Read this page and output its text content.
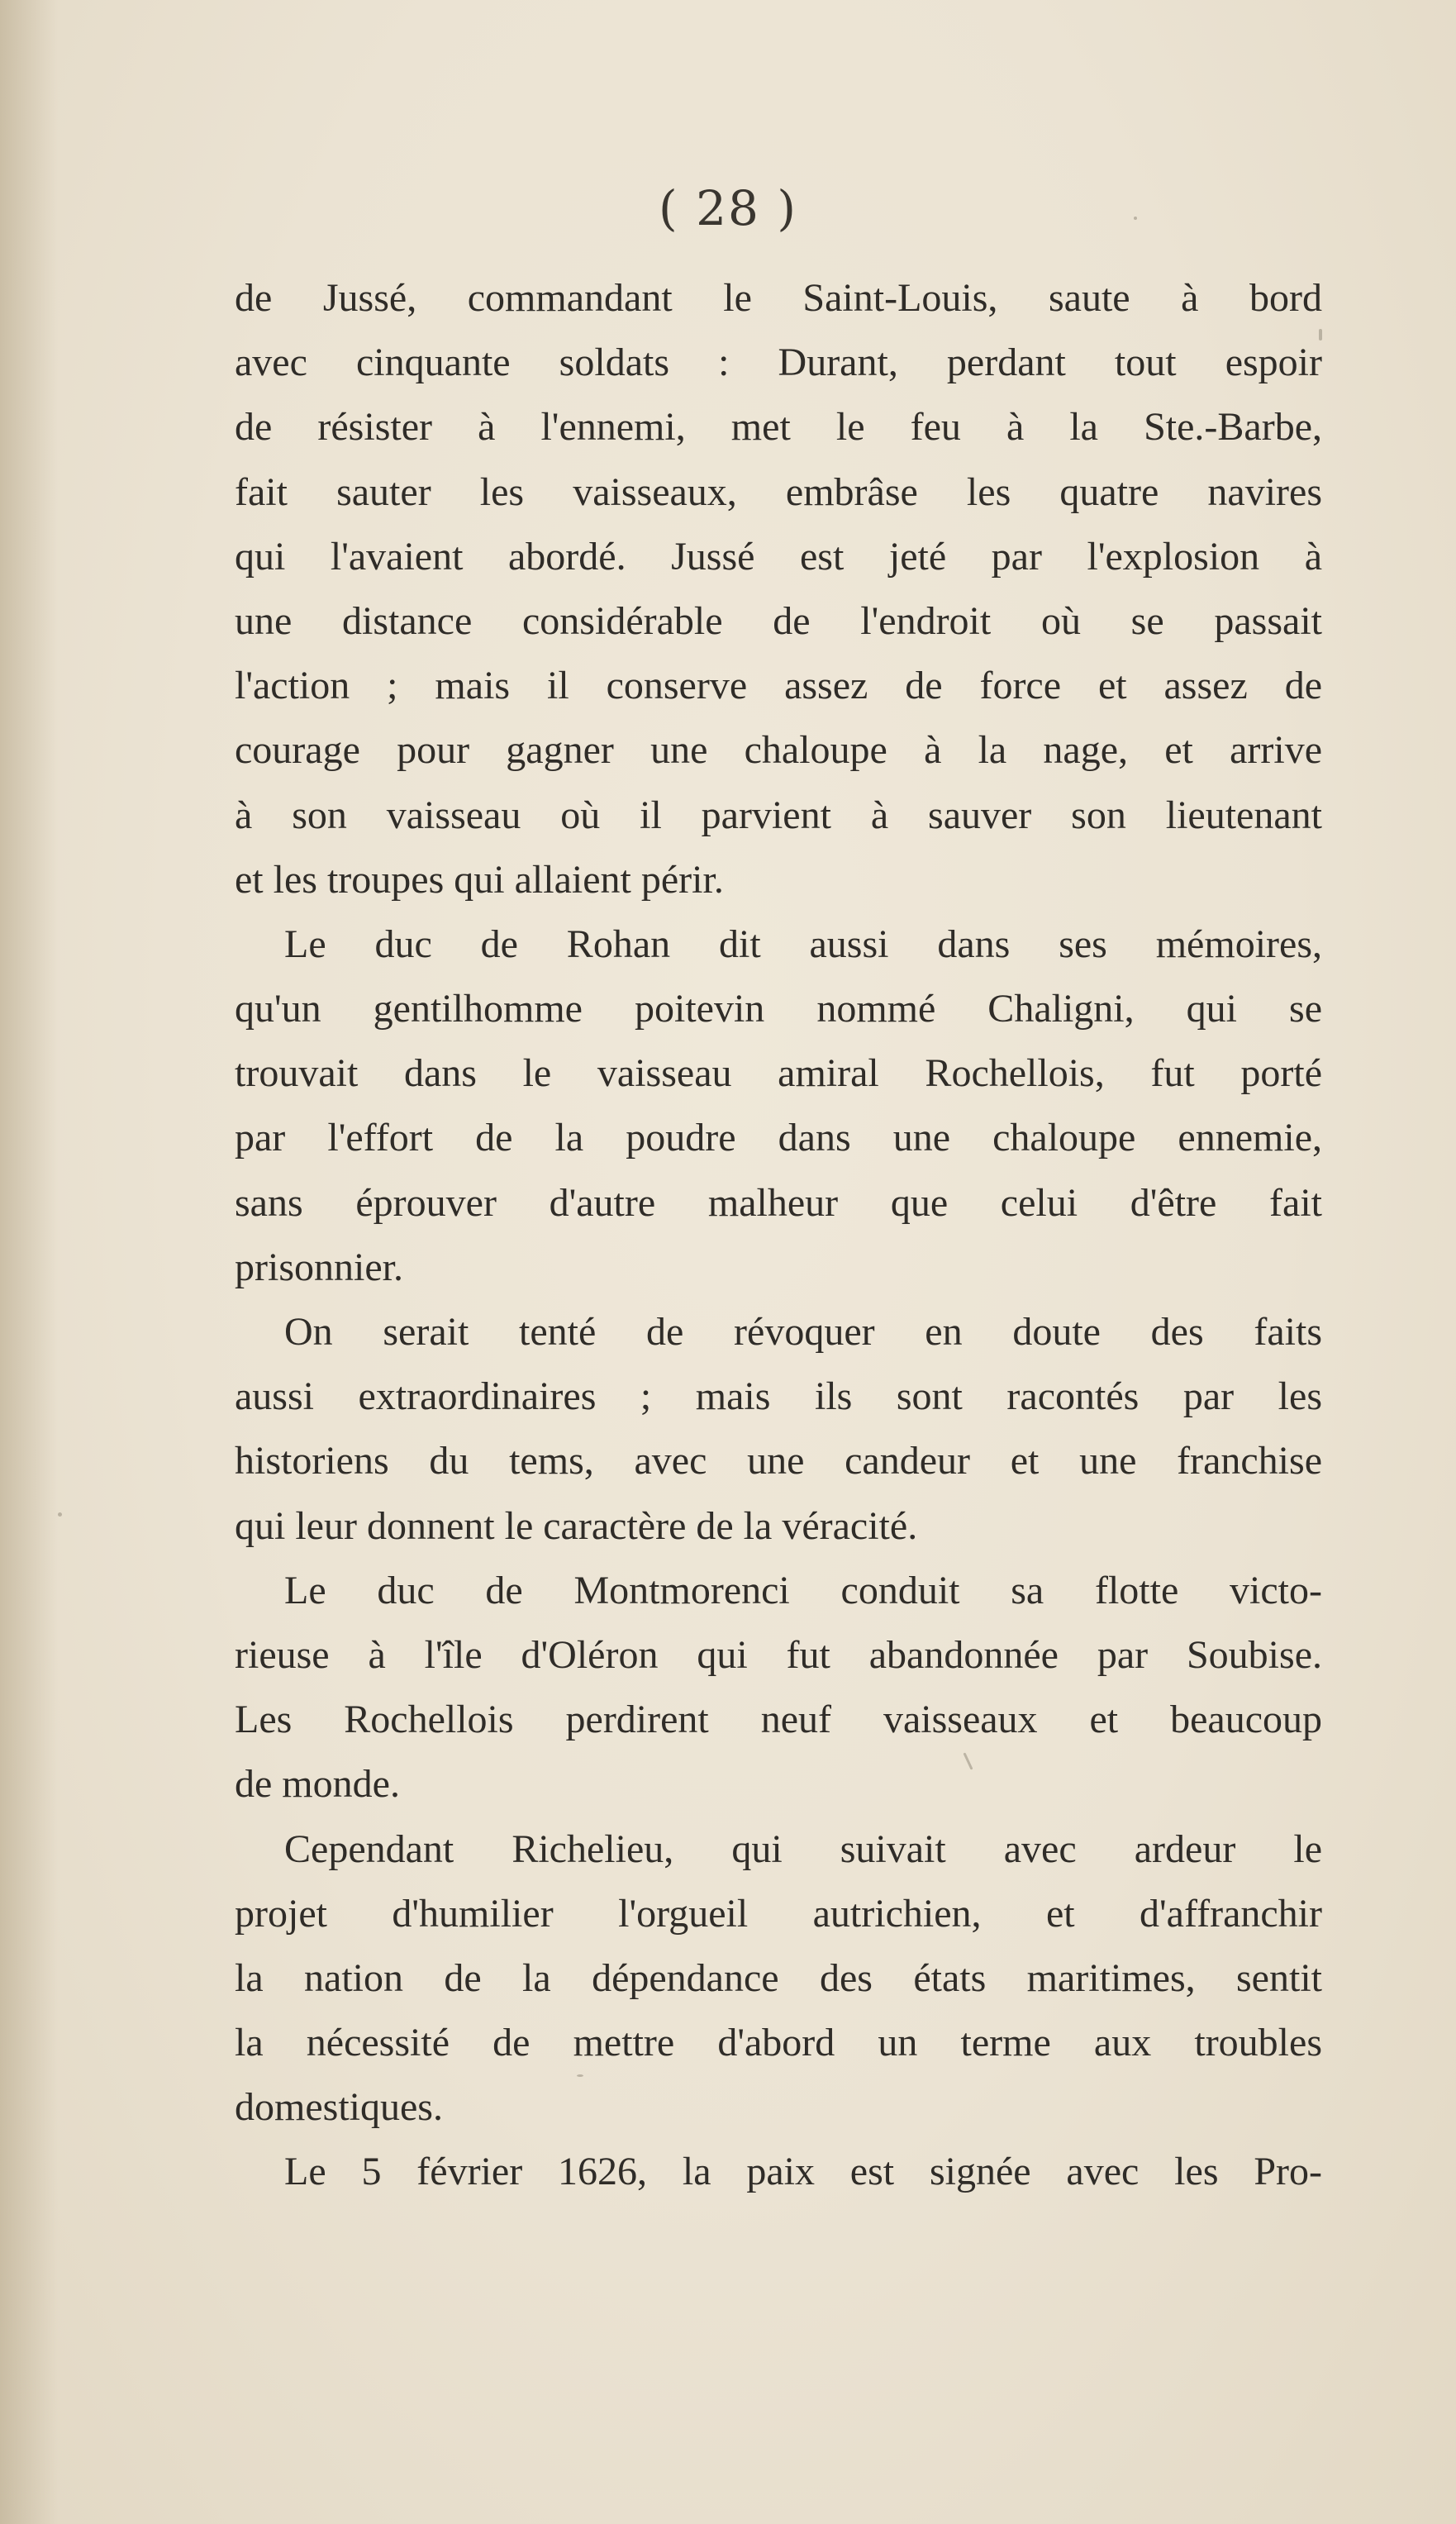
( 28 )
de Jussé, commandant le Saint-Louis, saute à bord
avec cinquante soldats : Durant, perdant tout espoir
de résister à l'ennemi, met le feu à la Ste.-Barbe,
fait sauter les vaisseaux, embrâse les quatre navires
qui l'avaient abordé. Jussé est jeté par l'explosion à
une distance considérable de l'endroit où se passait
l'action ; mais il conserve assez de force et assez de
courage pour gagner une chaloupe à la nage, et arrive
à son vaisseau où il parvient à sauver son lieutenant
et les troupes qui allaient périr.
Le duc de Rohan dit aussi dans ses mémoires,
qu'un gentilhomme poitevin nommé Chaligni, qui se
trouvait dans le vaisseau amiral Rochellois, fut porté
par l'effort de la poudre dans une chaloupe ennemie,
sans éprouver d'autre malheur que celui d'être fait
prisonnier.
On serait tenté de révoquer en doute des faits
aussi extraordinaires ; mais ils sont racontés par les
historiens du tems, avec une candeur et une franchise
qui leur donnent le caractère de la véracité.
Le duc de Montmorenci conduit sa flotte victo-
rieuse à l'île d'Oléron qui fut abandonnée par Soubise.
Les Rochellois perdirent neuf vaisseaux et beaucoup
de monde.
Cependant Richelieu, qui suivait avec ardeur le
projet d'humilier l'orgueil autrichien, et d'affranchir
la nation de la dépendance des états maritimes, sentit
la nécessité de mettre d'abord un terme aux troubles
domestiques.
Le 5 février 1626, la paix est signée avec les Pro-
